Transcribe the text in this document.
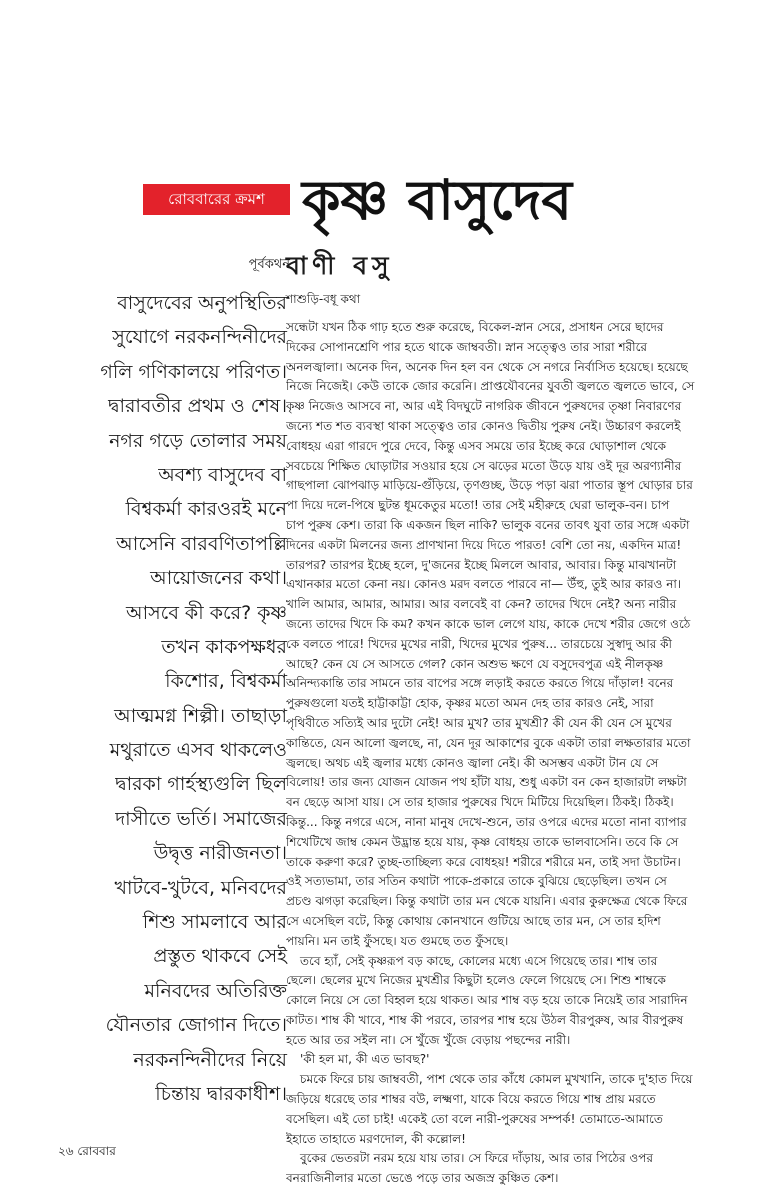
রোববারের ক্রমশ কৃষ্ণ বাসুদেব
পূর্বকথন
বাণী বসু
শাশুড়ি-বধূ কথা
বাসুদেবের অনুপস্থিতির
সুযোগে নরকনন্দিনীদের
গলি গণিকালয়ে পরিণত।
দ্বারাবতীর প্রথম ও শেষ।
নগর গড়ে তোলার সময়
অবশ্য বাসুদেব বা
বিশ্বকর্মা কারওরই মনে
আসেনি বারবণিতাপল্লি
আয়োজনের কথা।
আসবে কী করে? কৃষ্ণ
তখন কাকপক্ষধর
কিশোর, বিশ্বকর্মা
আত্মমগ্ন শিল্পী। তাছাড়া
মথুরাতে এসব থাকলেও
দ্বারকা গার্হস্থ্যগুলি ছিল
দাসীতে ভর্তি। সমাজের
উদ্বৃত্ত নারীজনতা।
খাটবে-খুটবে, মনিবদের
শিশু সামলাবে আর
প্রস্তুত থাকবে সেই
মনিবদের অতিরিক্ত
যৌনতার জোগান দিতে।
নরকনন্দিনীদের নিয়ে
চিন্তায় দ্বারকাধীশ।
সন্ধেটা যখন ঠিক গাঢ় হতে শুরু করেছে, বিকেল-স্নান সেরে, প্রসাধন সেরে ছাদের
দিকের সোপানশ্রেণি পার হতে থাকে জাম্ববতী। স্নান সত্ত্বেও তার সারা শরীরে
অনলজ্বালা। অনেক দিন, অনেক দিন হল বন থেকে সে নগরে নির্বাসিত হয়েছে। হয়েছে
নিজে নিজেই। কেউ তাকে জোর করেনি। প্রাপ্তযৌবনের যুবতী জ্বলতে জ্বলতে ভাবে, সে
কৃষ্ণ নিজেও আসবে না, আর এই বিদঘুটে নাগরিক জীবনে পুরুষদের তৃষ্ণা নিবারণের
জন্যে শত শত ব্যবস্থা থাকা সত্ত্বেও তার কোনও দ্বিতীয় পুরুষ নেই। উচ্চারণ করলেই
বোধহয় এরা গারদে পুরে দেবে, কিন্তু এসব সময়ে তার ইচ্ছে করে ঘোড়াশাল থেকে
সবচেয়ে শিক্ষিত ঘোড়াটার সওয়ার হয়ে সে ঝড়ের মতো উড়ে যায় ওই দূর অরণ্যানীর
গাছপালা ঝোপঝাড় মাড়িয়ে-গুঁড়িয়ে, তৃণগুচ্ছ, উড়ে পড়া ঝরা পাতার স্তূপ ঘোড়ার চার
পা দিয়ে দলে-পিষে ছুটন্ত ধূমকেতুর মতো! তার সেই মহীরুহে ঘেরা ভালুক-বন। চাপ
চাপ পুরুষ কেশ। তারা কি একজন ছিল নাকি? ভালুক বনের তাবৎ যুবা তার সঙ্গে একটা
দিনের একটা মিলনের জন্য প্রাণখানা দিয়ে দিতে পারত! বেশি তো নয়, একদিন মাত্র!
তারপর? তারপর ইচ্ছে হলে, দু'জনের ইচ্ছে মিললে আবার, আবার। কিন্তু মাঝখানটা
এখানকার মতো কেনা নয়। কোনও মরদ বলতে পারবে না— উঁহু, তুই আর কারও না।
খালি আমার, আমার, আমার। আর বলবেই বা কেন? তাদের খিদে নেই? অন্য নারীর
জন্যে তাদের খিদে কি কম? কখন কাকে ভাল লেগে যায়, কাকে দেখে শরীর জেগে ওঠে
কে বলতে পারে! খিদের মুখের নারী, খিদের মুখের পুরুষ... তারচেয়ে সুস্বাদু আর কী
আছে? কেন যে সে আসতে গেল? কোন অশুভ ক্ষণে যে বসুদেবপুত্র এই নীলকৃষ্ণ
অনিন্দ্যকান্তি তার সামনে তার বাপের সঙ্গে লড়াই করতে করতে গিয়ে দাঁড়াল! বনের
পুরুষগুলো যতই হাট্টাকাট্টা হোক, কৃষ্ণর মতো অমন দেহ তার কারও নেই, সারা
পৃথিবীতে সত্যিই আর দুটো নেই! আর মুখ? তার মুখশ্রী? কী যেন কী যেন সে মুখের
কান্তিতে, যেন আলো জ্বলছে, না, যেন দূর আকাশের বুকে একটা তারা লক্ষতারার মতো
জ্বলছে। অথচ এই জ্বলার মধ্যে কোনও জ্বালা নেই। কী অসম্ভব একটা টান যে সে
বিলোয়! তার জন্য যোজন যোজন পথ হাঁটা যায়, শুধু একটা বন কেন হাজারটা লক্ষটা
বন ছেড়ে আসা যায়। সে তার হাজার পুরুষের খিদে মিটিয়ে দিয়েছিল। ঠিকই। ঠিকই।
কিন্তু... কিন্তু নগরে এসে, নানা মানুষ দেখে-শুনে, তার ওপরে এদের মতো নানা ব্যাপার
শিখেটিখে জাম্ব কেমন উদ্ভ্রান্ত হয়ে যায়, কৃষ্ণ বোধহয় তাকে ভালবাসেনি। তবে কি সে
তাকে করুণা করে? তুচ্ছ-তাচ্ছিল্য করে বোধহয়! শরীরে শরীরে মন, তাই সদা উচাটন।
ওই সত্যভামা, তার সতিন কথাটা পাকে-প্রকারে তাকে বুঝিয়ে ছেড়েছিল। তখন সে
প্রচণ্ড ঝগড়া করেছিল। কিন্তু কথাটা তার মন থেকে যায়নি। এবার কুরুক্ষেত্র থেকে ফিরে
সে এসেছিল বটে, কিন্তু কোথায় কোনখানে গুটিয়ে আছে তার মন, সে তার হদিশ
পায়নি। মন তাই ফুঁসছে। যত গুমছে তত ফুঁসছে।
তবে হ্যাঁ, সেই কৃষ্ণরূপ বড় কাছে, কোলের মধ্যে এসে গিয়েছে তার। শাম্ব তার
ছেলে। ছেলের মুখে নিজের মুখশ্রীর কিছুটা হলেও ফেলে গিয়েছে সে। শিশু শাম্বকে
কোলে নিয়ে সে তো বিহ্বল হয়ে থাকত। আর শাম্ব বড় হয়ে তাকে নিয়েই তার সারাদিন
কাটত। শাম্ব কী খাবে, শাম্ব কী পরবে, তারপর শাম্ব হয়ে উঠল বীরপুরুষ, আর বীরপুরুষ
হতে আর তর সইল না। সে খুঁজে খুঁজে বেড়ায় পছন্দের নারী।
'কী হল মা, কী এত ভাবছ?'
চমকে ফিরে চায় জাম্ববতী, পাশ থেকে তার কাঁধে কোমল মুখখানি, তাকে দু'হাত দিয়ে
জড়িয়ে ধরেছে তার শাম্বর বউ, লক্ষ্মণা, যাকে বিয়ে করতে গিয়ে শাম্ব প্রায় মরতে
বসেছিল। এই তো চাই! একেই তো বলে নারী-পুরুষের সম্পর্ক! তোমাতে-আমাতে
ইহাতে তাহাতে মরণদোল, কী কল্লোল!
বুকের ভেতরটা নরম হয়ে যায় তার। সে ফিরে দাঁড়ায়, আর তার পিঠের ওপর
বনরাজিনীলার মতো ভেঙে পড়ে তার অজস্র কুঞ্চিত কেশ।
২৬ রোববার
